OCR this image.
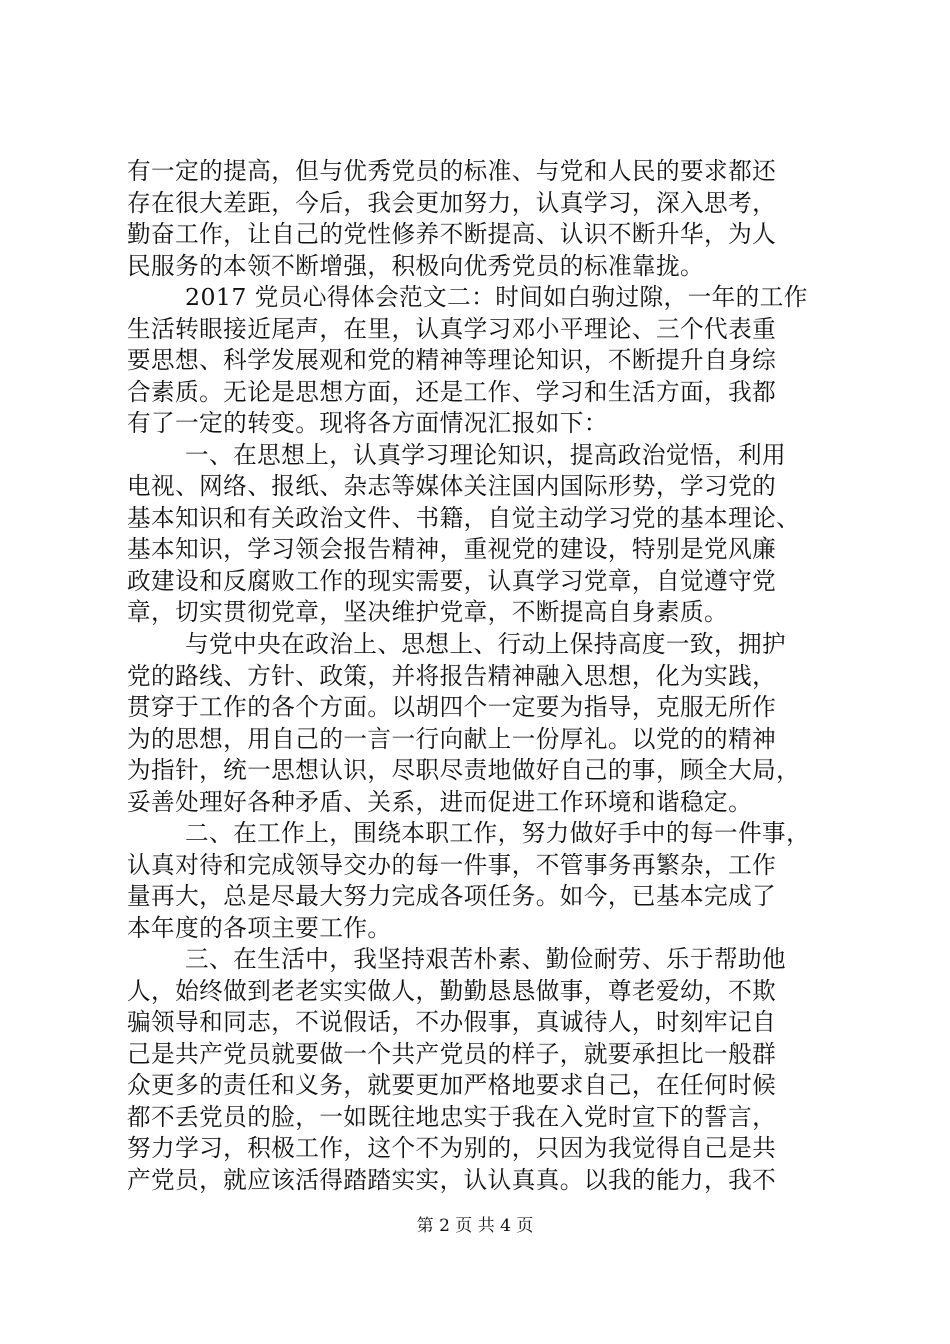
有一定的提高，但与优秀党员的标准、与党和人民的要求都还
存在很大差距，今后，我会更加努力，认真学习，深入思考，
勤奋工作，让自己的党性修养不断提高、认识不断升华，为人
民服务的本领不断增强，积极向优秀党员的标准靠拢。
2017 党员心得体会范文二：时间如白驹过隙，一年的工作
生活转眼接近尾声，在里，认真学习邓小平理论、三个代表重
要思想、科学发展观和党的精神等理论知识，不断提升自身综
合素质。无论是思想方面，还是工作、学习和生活方面，我都
有了一定的转变。现将各方面情况汇报如下：
一、在思想上，认真学习理论知识，提高政治觉悟，利用
电视、网络、报纸、杂志等媒体关注国内国际形势，学习党的
基本知识和有关政治文件、书籍，自觉主动学习党的基本理论、
基本知识，学习领会报告精神，重视党的建设，特别是党风廉
政建设和反腐败工作的现实需要，认真学习党章，自觉遵守党
章，切实贯彻党章，坚决维护党章，不断提高自身素质。
与党中央在政治上、思想上、行动上保持高度一致，拥护
党的路线、方针、政策，并将报告精神融入思想，化为实践，
贯穿于工作的各个方面。以胡四个一定要为指导，克服无所作
为的思想，用自己的一言一行向献上一份厚礼。以党的的精神
为指针，统一思想认识，尽职尽责地做好自己的事，顾全大局，
妥善处理好各种矛盾、关系，进而促进工作环境和谐稳定。
二、在工作上，围绕本职工作，努力做好手中的每一件事，
认真对待和完成领导交办的每一件事，不管事务再繁杂，工作
量再大，总是尽最大努力完成各项任务。如今，已基本完成了
本年度的各项主要工作。
三、在生活中，我坚持艰苦朴素、勤俭耐劳、乐于帮助他
人，始终做到老老实实做人，勤勤恳恳做事，尊老爱幼，不欺
骗领导和同志，不说假话，不办假事，真诚待人，时刻牢记自
己是共产党员就要做一个共产党员的样子，就要承担比一般群
众更多的责任和义务，就要更加严格地要求自己，在任何时候
都不丢党员的脸，一如既往地忠实于我在入党时宣下的誓言，
努力学习，积极工作，这个不为别的，只因为我觉得自己是共
产党员，就应该活得踏踏实实，认认真真。以我的能力，我不
第 2 页 共 4 页
